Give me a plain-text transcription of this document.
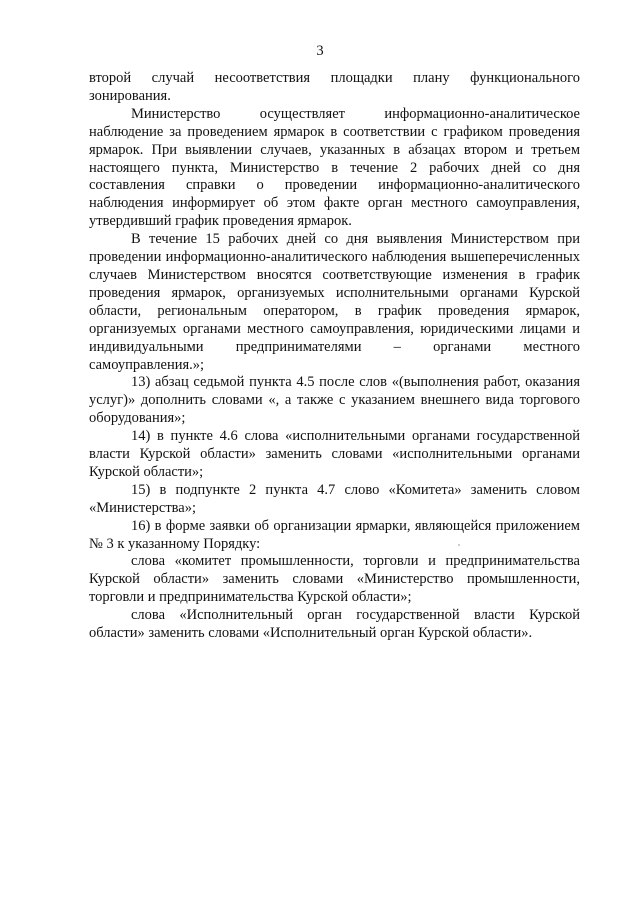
3

второй случай несоответствия площадки плану функционального зонирования.

Министерство осуществляет информационно-аналитическое наблюдение за проведением ярмарок в соответствии с графиком проведения ярмарок. При выявлении случаев, указанных в абзацах втором и третьем настоящего пункта, Министерство в течение 2 рабочих дней со дня составления справки о проведении информационно-аналитического наблюдения информирует об этом факте орган местного самоуправления, утвердивший график проведения ярмарок.

В течение 15 рабочих дней со дня выявления Министерством при проведении информационно-аналитического наблюдения вышеперечисленных случаев Министерством вносятся соответствующие изменения в график проведения ярмарок, организуемых исполнительными органами Курской области, региональным оператором, в график проведения ярмарок, организуемых органами местного самоуправления, юридическими лицами и индивидуальными предпринимателями – органами местного самоуправления.»;

13) абзац седьмой пункта 4.5 после слов «(выполнения работ, оказания услуг)» дополнить словами «, а также с указанием внешнего вида торгового оборудования»;

14) в пункте 4.6 слова «исполнительными органами государственной власти Курской области» заменить словами «исполнительными органами Курской области»;

15) в подпункте 2 пункта 4.7 слово «Комитета» заменить словом «Министерства»;

16) в форме заявки об организации ярмарки, являющейся приложением № 3 к указанному Порядку:

слова «комитет промышленности, торговли и предпринимательства Курской области» заменить словами «Министерство промышленности, торговли и предпринимательства Курской области»;

слова «Исполнительный орган государственной власти Курской области» заменить словами «Исполнительный орган Курской области».
